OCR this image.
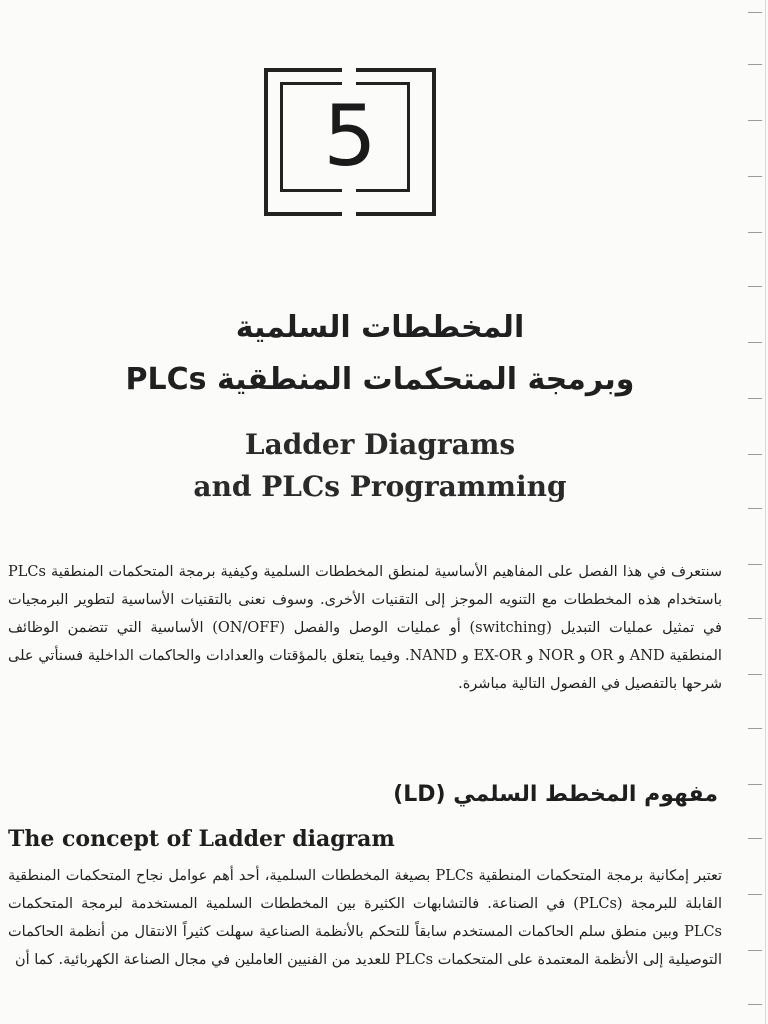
5
المخططات السلمية
وبرمجة المتحكمات المنطقية PLCs
Ladder Diagrams
and PLCs Programming
سنتعرف في هذا الفصل على المفاهيم الأساسية لمنطق المخططات السلمية وكيفية برمجة المتحكمات المنطقية PLCs باستخدام هذه المخططات مع التنويه الموجز إلى التقنيات الأخرى. وسوف نعنى بالتقنيات الأساسية لتطوير البرمجيات في تمثيل عمليات التبديل (switching) أو عمليات الوصل والفصل (ON/OFF) الأساسية التي تتضمن الوظائف المنطقية AND و OR و NOR و EX-OR و NAND. وفيما يتعلق بالمؤقتات والعدادات والحاكمات الداخلية فسنأتي على شرحها بالتفصيل في الفصول التالية مباشرة.
مفهوم المخطط السلمي (LD)
The concept of Ladder diagram
تعتبر إمكانية برمجة المتحكمات المنطقية PLCs بصيغة المخططات السلمية، أحد أهم عوامل نجاح المتحكمات المنطقية القابلة للبرمجة (PLCs) في الصناعة. فالتشابهات الكثيرة بين المخططات السلمية المستخدمة لبرمجة المتحكمات PLCs وبين منطق سلم الحاكمات المستخدم سابقاً للتحكم بالأنظمة الصناعية سهلت كثيراً الانتقال من أنظمة الحاكمات التوصيلية إلى الأنظمة المعتمدة على المتحكمات PLCs للعديد من الفنيين العاملين في مجال الصناعة الكهربائية. كما أن
